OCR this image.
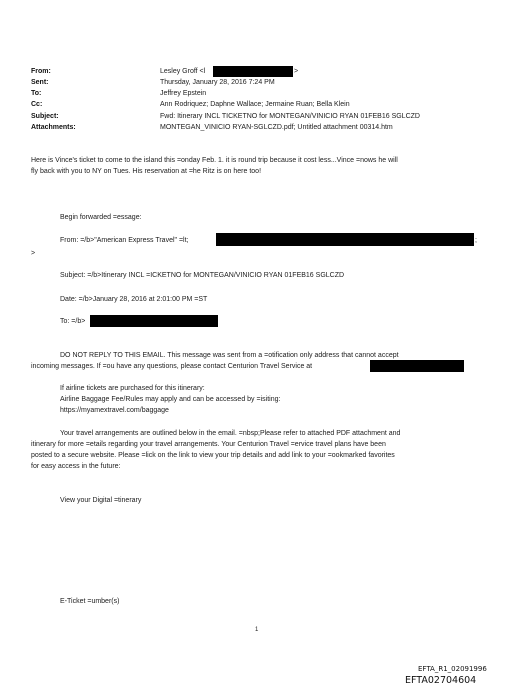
From:
Sent:
To:
Cc:
Subject:
Attachments:
Lesley Groff <l	>
Thursday, January 28, 2016 7:24 PM
Jeffrey Epstein
Ann Rodriquez; Daphne Wallace; Jermaine Ruan; Bella Klein
Fwd: Itinerary INCL TICKETNO for MONTEGAN/VINICIO RYAN 01FEB16 SGLCZD
MONTEGAN_VINICIO RYAN-SGLCZD.pdf; Untitled attachment 00314.htm
Here is Vince's ticket to come to the island this =onday Feb. 1. it is round trip because it cost less...Vince =nows he will
fly back with you to NY on Tues. His reservation at =he Ritz is on here too!
Begin forwarded =essage:
From: =/b>"American Express Travel" =lt;	;
>
Subject: =/b>Itinerary INCL =ICKETNO for MONTEGAN/VINICIO RYAN 01FEB16 SGLCZD
Date: =/b>January 28, 2016 at 2:01:00 PM =ST
To: =/b>
DO NOT REPLY TO THIS EMAIL. This message was sent from a =otification only address that cannot accept
incoming messages. If =ou have any questions, please contact Centurion Travel Service at
If airline tickets are purchased for this itinerary:
Airline Baggage Fee/Rules may apply and can be accessed by =isiting:
https://myamextravel.com/baggage
Your travel arrangements are outlined below in the email. =nbsp;Please refer to attached PDF attachment and
itinerary for more =etails regarding your travel arrangements. Your Centurion Travel =ervice travel plans have been
posted to a secure website. Please =lick on the link to view your trip details and add link to your =ookmarked favorites
for easy access in the future:
View your Digital =tinerary
E-Ticket =umber(s)
1
EFTA_R1_02091996
EFTA02704604
